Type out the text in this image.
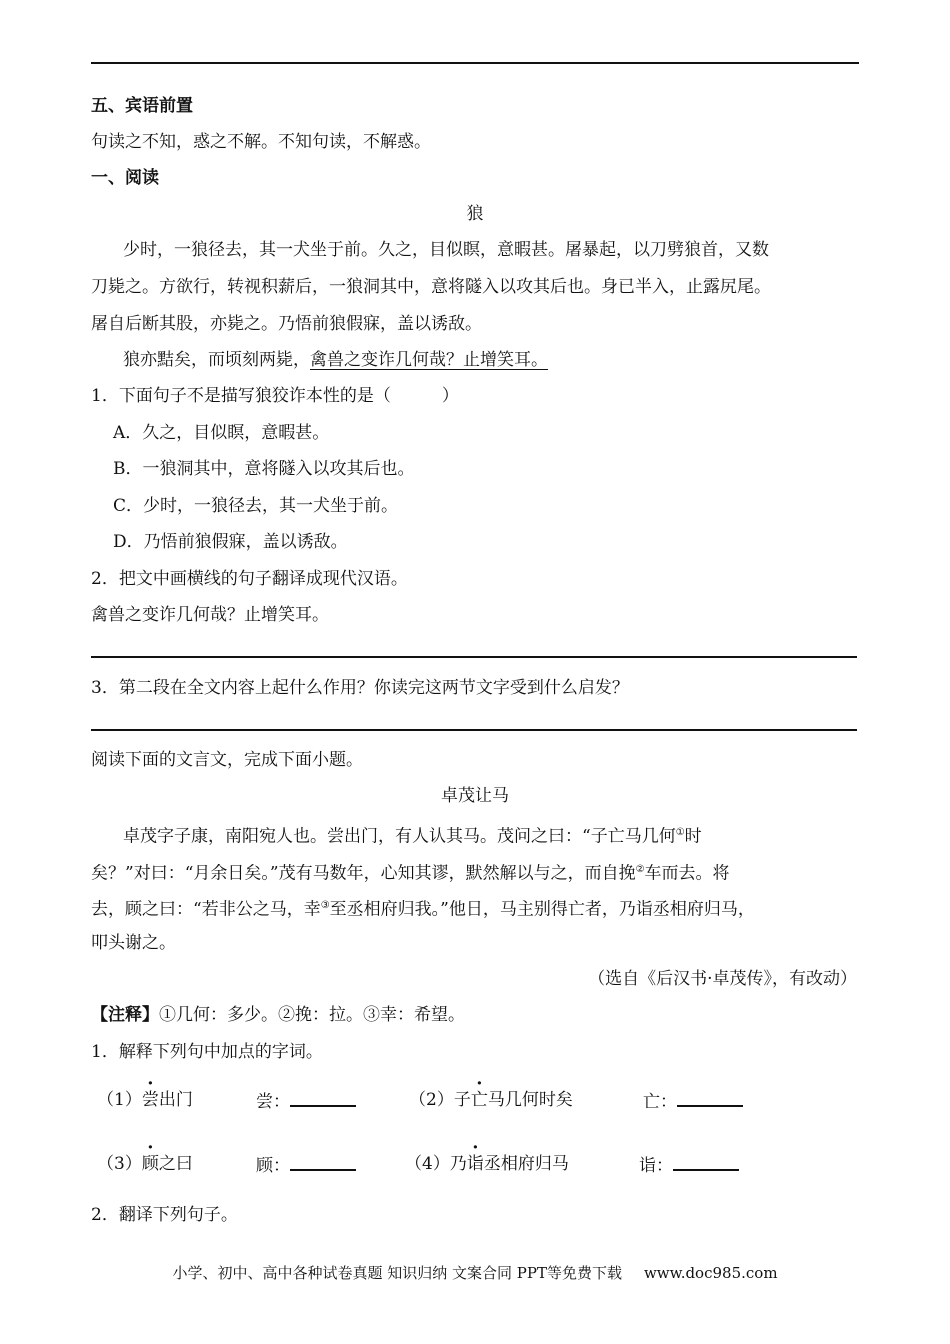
五、宾语前置
句读之不知，惑之不解。不知句读，不解惑。
一、阅读
狼
少时，一狼径去，其一犬坐于前。久之，目似瞑，意暇甚。屠暴起，以刀劈狼首，又数
刀毙之。方欲行，转视积薪后，一狼洞其中，意将隧入以攻其后也。身已半入，止露尻尾。
屠自后断其股，亦毙之。乃悟前狼假寐，盖以诱敌。
狼亦黠矣，而顷刻两毙，禽兽之变诈几何哉？止增笑耳。
1．下面句子不是描写狼狡诈本性的是（　　　）
A．久之，目似瞑，意暇甚。
B．一狼洞其中，意将隧入以攻其后也。
C．少时，一狼径去，其一犬坐于前。
D．乃悟前狼假寐，盖以诱敌。
2．把文中画横线的句子翻译成现代汉语。
禽兽之变诈几何哉？止增笑耳。
3．第二段在全文内容上起什么作用？你读完这两节文字受到什么启发？
阅读下面的文言文，完成下面小题。
卓茂让马
卓茂字子康，南阳宛人也。尝出门，有人认其马。茂问之曰：“子亡马几何①时
矣？”对曰：“月余日矣。”茂有马数年，心知其谬，默然解以与之，而自挽②车而去。将
去，顾之曰：“若非公之马，幸③至丞相府归我。”他日，马主别得亡者，乃诣丞相府归马，
叩头谢之。
（选自《后汉书·卓茂传》，有改动）
【注释】①几何：多少。②挽：拉。③幸：希望。
1．解释下列句中加点的字词。
（1）尝出门	尝：	（2）子亡马几何时矣	亡：
（3）顾之曰	顾：	（4）乃诣丞相府归马	诣：
2．翻译下列句子。
小学、初中、高中各种试卷真题 知识归纳 文案合同 PPT等免费下载 www.doc985.com
